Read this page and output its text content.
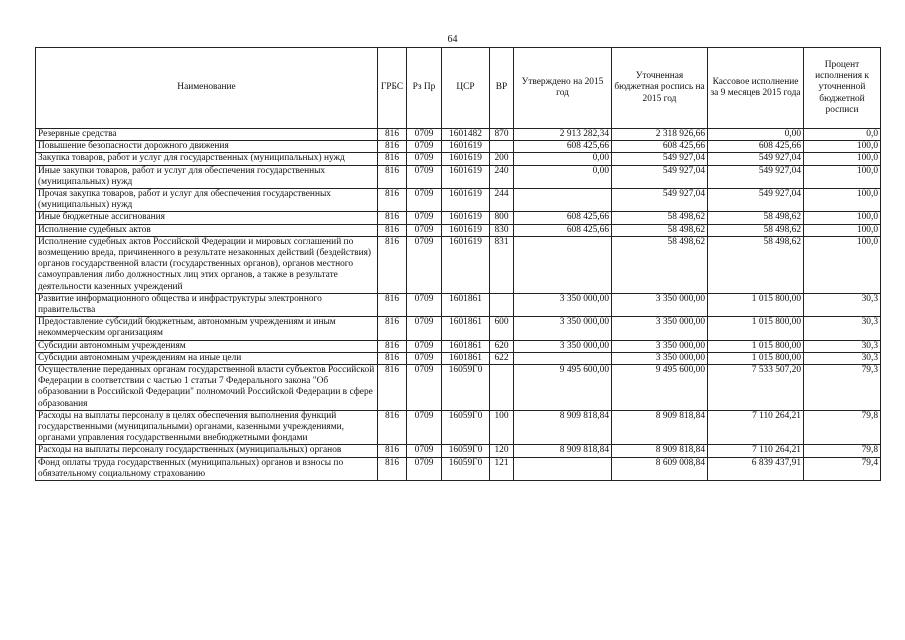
64
Наименование	ГРБС	Рз Пр	ЦСР	ВР	Утверждено на 2015 год	Уточненная бюджетная роспись на 2015 год	Кассовое исполнение за 9 месяцев 2015 года	Процент исполнения к уточненной бюджетной росписи
Резервные средства	816	0709	1601482	870	2 913 282,34	2 318 926,66	0,00	0,0
Повышение безопасности дорожного движения	816	0709	1601619		608 425,66	608 425,66	608 425,66	100,0
Закупка товаров, работ и услуг для государственных (муниципальных) нужд	816	0709	1601619	200	0,00	549 927,04	549 927,04	100,0
Иные закупки товаров, работ и услуг для обеспечения государственных (муниципальных) нужд	816	0709	1601619	240	0,00	549 927,04	549 927,04	100,0
Прочая закупка товаров, работ и услуг для обеспечения государственных (муниципальных) нужд	816	0709	1601619	244		549 927,04	549 927,04	100,0
Иные бюджетные ассигнования	816	0709	1601619	800	608 425,66	58 498,62	58 498,62	100,0
Исполнение судебных актов	816	0709	1601619	830	608 425,66	58 498,62	58 498,62	100,0
Исполнение судебных актов Российской Федерации и мировых соглашений по возмещению вреда, причиненного в результате незаконных действий (бездействия) органов государственной власти (государственных органов), органов местного самоуправления либо должностных лиц этих органов, а также в результате деятельности казенных учреждений	816	0709	1601619	831		58 498,62	58 498,62	100,0
Развитие информационного общества и инфраструктуры электронного правительства	816	0709	1601861		3 350 000,00	3 350 000,00	1 015 800,00	30,3
Предоставление субсидий бюджетным, автономным учреждениям и иным некоммерческим организациям	816	0709	1601861	600	3 350 000,00	3 350 000,00	1 015 800,00	30,3
Субсидии автономным учреждениям	816	0709	1601861	620	3 350 000,00	3 350 000,00	1 015 800,00	30,3
Субсидии автономным учреждениям на иные цели	816	0709	1601861	622		3 350 000,00	1 015 800,00	30,3
Осуществление переданных органам государственной власти субъектов Российской Федерации в соответствии с частью 1 статьи 7 Федерального закона "Об образовании в Российской Федерации" полномочий Российской Федерации в сфере образования	816	0709	16059Г0		9 495 600,00	9 495 600,00	7 533 507,20	79,3
Расходы на выплаты персоналу в целях обеспечения выполнения функций государственными (муниципальными) органами, казенными учреждениями, органами управления государственными внебюджетными фондами	816	0709	16059Г0	100	8 909 818,84	8 909 818,84	7 110 264,21	79,8
Расходы на выплаты персоналу государственных (муниципальных) органов	816	0709	16059Г0	120	8 909 818,84	8 909 818,84	7 110 264,21	79,8
Фонд оплаты труда государственных (муниципальных) органов и взносы по обязательному социальному страхованию	816	0709	16059Г0	121		8 609 008,84	6 839 437,91	79,4
